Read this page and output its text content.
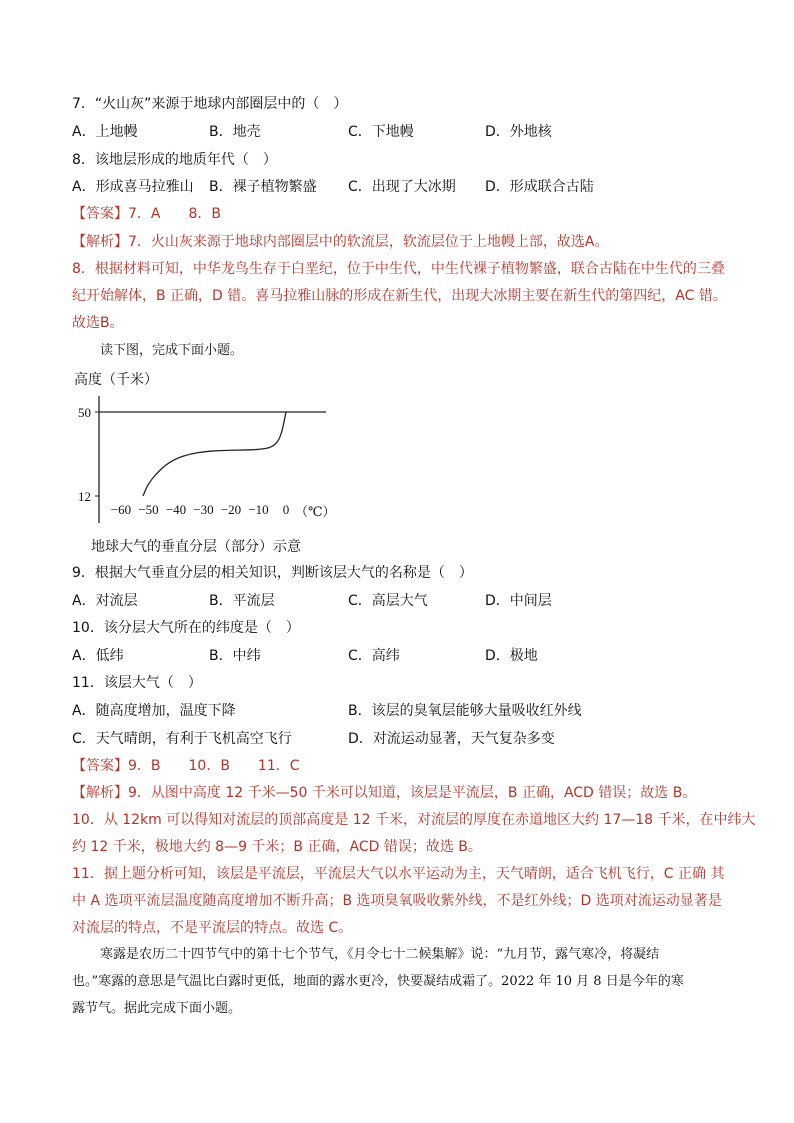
7．“火山灰”来源于地球内部圈层中的（　）
A．上地幔	B．地壳	C．下地幔	D．外地核
8．该地层形成的地质年代（　）
A．形成喜马拉雅山 B．裸子植物繁盛 C．出现了大冰期 D．形成联合古陆
【答案】7．A　　8．B
【解析】7．火山灰来源于地球内部圈层中的软流层，软流层位于上地幔上部，故选A。
8．根据材料可知，中华龙鸟生存于白垩纪，位于中生代，中生代裸子植物繁盛，联合古陆在中生代的三叠
纪开始解体，B 正确，D 错。喜马拉雅山脉的形成在新生代，出现大冰期主要在新生代的第四纪，AC 错。
故选B。
读下图，完成下面小题。
高度（千米）
50
12
−60 −50 −40 −30 −20 −10 0 （℃）
地球大气的垂直分层（部分）示意
9．根据大气垂直分层的相关知识，判断该层大气的名称是（　）
A．对流层	B．平流层	C．高层大气	D．中间层
10．该分层大气所在的纬度是（　）
A．低纬	B．中纬	C．高纬	D．极地
11．该层大气（　）
A．随高度增加，温度下降	B．该层的臭氧层能够大量吸收红外线
C．天气晴朗，有利于飞机高空飞行	D．对流运动显著，天气复杂多变
【答案】9．B　　10．B　　11．C
【解析】9．从图中高度 12 千米—50 千米可以知道，该层是平流层，B 正确，ACD 错误；故选 B。
10．从 12km 可以得知对流层的顶部高度是 12 千米，对流层的厚度在赤道地区大约 17—18 千米，在中纬大
约 12 千米，极地大约 8—9 千米；B 正确，ACD 错误；故选 B。
11．据上题分析可知，该层是平流层，平流层大气以水平运动为主，天气晴朗，适合飞机飞行，C 正确 其
中 A 选项平流层温度随高度增加不断升高；B 选项臭氧吸收紫外线，不是红外线；D 选项对流运动显著是
对流层的特点，不是平流层的特点。故选 C。
寒露是农历二十四节气中的第十七个节气，《月令七十二候集解》说：“九月节，露气寒冷，将凝结
也。”寒露的意思是气温比白露时更低，地面的露水更冷，快要凝结成霜了。2022 年 10 月 8 日是今年的寒
露节气。据此完成下面小题。
